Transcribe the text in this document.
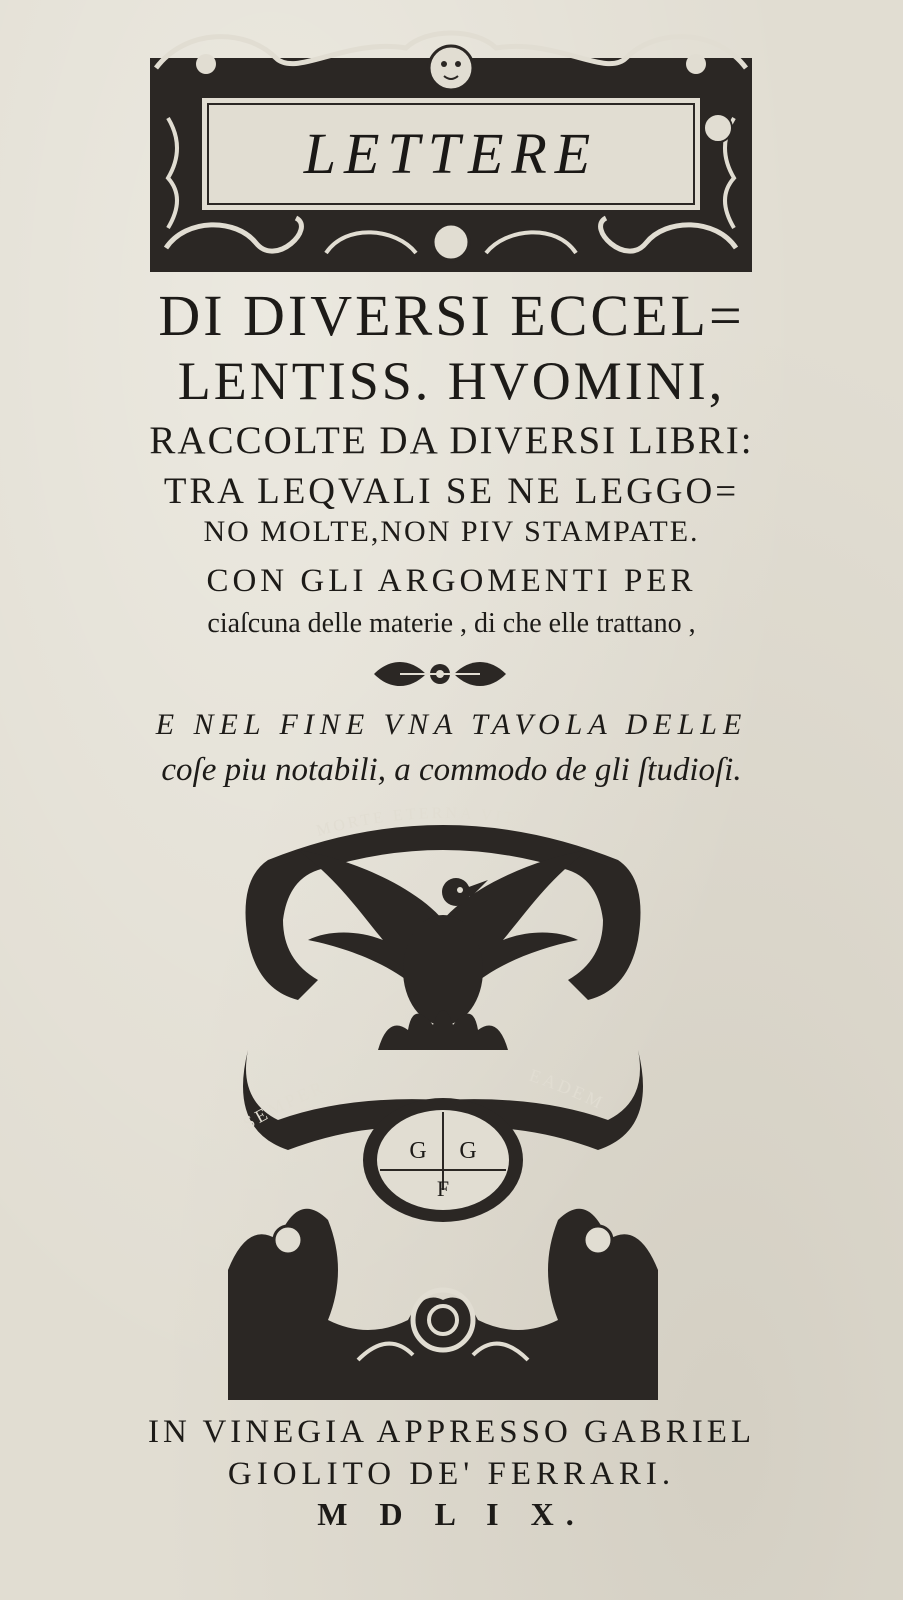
LETTERE
DI DIVERSI ECCEL=
LENTISS. HVOMINI,
RACCOLTE DA DIVERSI LIBRI:
TRA LEQVALI SE NE LEGGO=
NO MOLTE,NON PIV STAMPATE.
CON GLI ARGOMENTI PER
ciaſcuna delle materie , di che elle trattano ,
E NEL FINE VNA TAVOLA DELLE
coſe piu notabili, a commodo de gli ſtudioſi.
MORTE ETERNA VITA
SEMPER	EADEM
G G
F
IN VINEGIA APPRESSO GABRIEL
GIOLITO DE' FERRARI.
M D L I X.
